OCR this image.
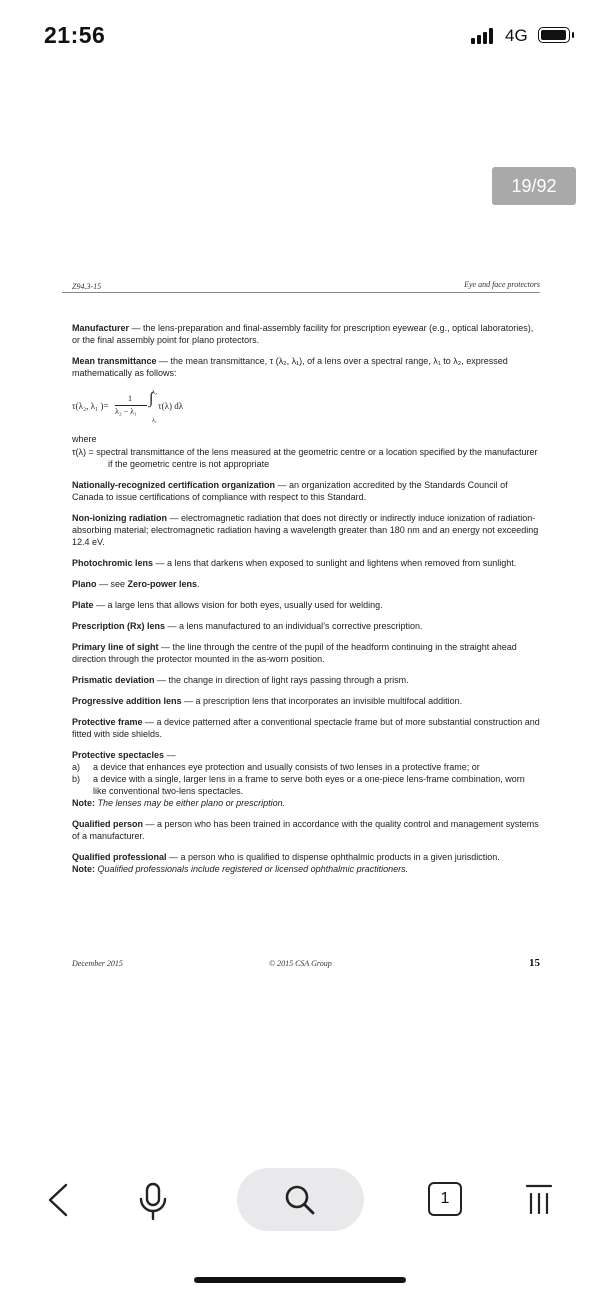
21:56	4G
19/92
Z94.3-15	Eye and face protectors
Manufacturer — the lens-preparation and final-assembly facility for prescription eyewear (e.g., optical laboratories), or the final assembly point for plano protectors.
Mean transmittance — the mean transmittance, τ (λ₂, λ₁), of a lens over a spectral range, λ₁ to λ₂, expressed mathematically as follows:
τ(λ₂, λ₁ )=
1
λ₂ − λ₁
λ₂
∫
λ₁
τ(λ) dλ
where
τ(λ) = spectral transmittance of the lens measured at the geometric centre or a location specified by the manufacturer if the geometric centre is not appropriate
Nationally-recognized certification organization — an organization accredited by the Standards Council of Canada to issue certifications of compliance with respect to this Standard.
Non-ionizing radiation — electromagnetic radiation that does not directly or indirectly induce ionization of radiation-absorbing material; electromagnetic radiation having a wavelength greater than 180 nm and an energy not exceeding 12.4 eV.
Photochromic lens — a lens that darkens when exposed to sunlight and lightens when removed from sunlight.
Plano — see Zero-power lens.
Plate — a large lens that allows vision for both eyes, usually used for welding.
Prescription (Rx) lens — a lens manufactured to an individual’s corrective prescription.
Primary line of sight — the line through the centre of the pupil of the headform continuing in the straight ahead direction through the protector mounted in the as-worn position.
Prismatic deviation — the change in direction of light rays passing through a prism.
Progressive addition lens — a prescription lens that incorporates an invisible multifocal addition.
Protective frame — a device patterned after a conventional spectacle frame but of more substantial construction and fitted with side shields.
Protective spectacles —
a) a device that enhances eye protection and usually consists of two lenses in a protective frame; or
b) a device with a single, larger lens in a frame to serve both eyes or a one-piece lens-frame combination, worn like conventional two-lens spectacles.
Note: The lenses may be either plano or prescription.
Qualified person — a person who has been trained in accordance with the quality control and management systems of a manufacturer.
Qualified professional — a person who is qualified to dispense ophthalmic products in a given jurisdiction.
Note: Qualified professionals include registered or licensed ophthalmic practitioners.
December 2015	© 2015 CSA Group	15
1
